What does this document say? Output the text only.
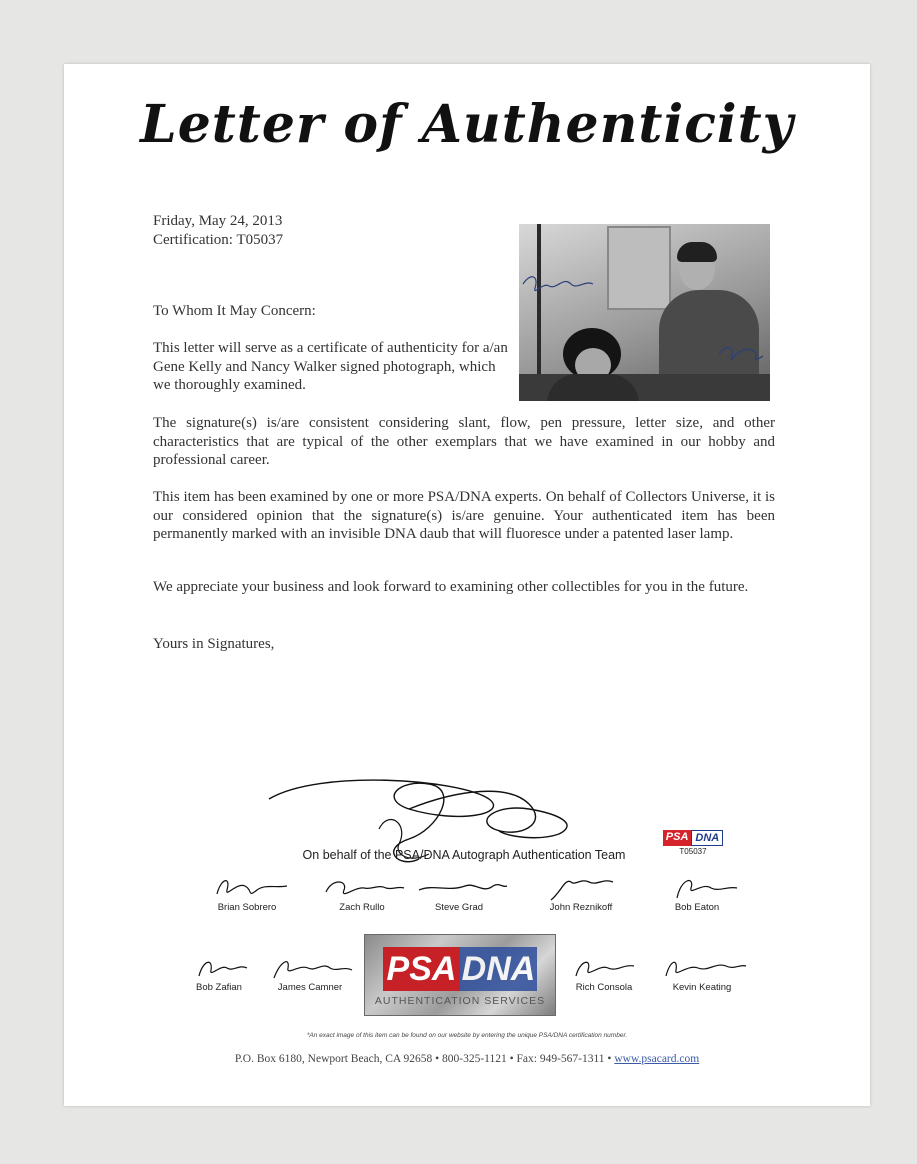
Letter of Authenticity
Friday, May 24, 2013
Certification: T05037
To Whom It May Concern:
This letter will serve as a certificate of authenticity for a/an Gene Kelly and Nancy Walker signed photograph, which we thoroughly examined.
The signature(s) is/are consistent considering slant, flow, pen pressure, letter size, and other characteristics that are typical of the other exemplars that we have examined in our hobby and professional career.
This item has been examined by one or more PSA/DNA experts. On behalf of Collectors Universe, it is our considered opinion that the signature(s) is/are genuine. Your authenticated item has been permanently marked with an invisible DNA daub that will fluoresce under a patented laser lamp.
We appreciate your business and look forward to examining other collectibles for you in the future.
Yours in Signatures,
On behalf of the PSA/DNA Autograph Authentication Team
PSA DNA
T05037
Brian Sobrero	Zach Rullo	Steve Grad	John Reznikoff	Bob Eaton
Bob Zafian	James Camner	Rich Consola	Kevin Keating
PSA DNA
AUTHENTICATION SERVICES
*An exact image of this item can be found on our website by entering the unique PSA/DNA certification number.
P.O. Box 6180, Newport Beach, CA 92658 • 800-325-1121 • Fax: 949-567-1311 • www.psacard.com
